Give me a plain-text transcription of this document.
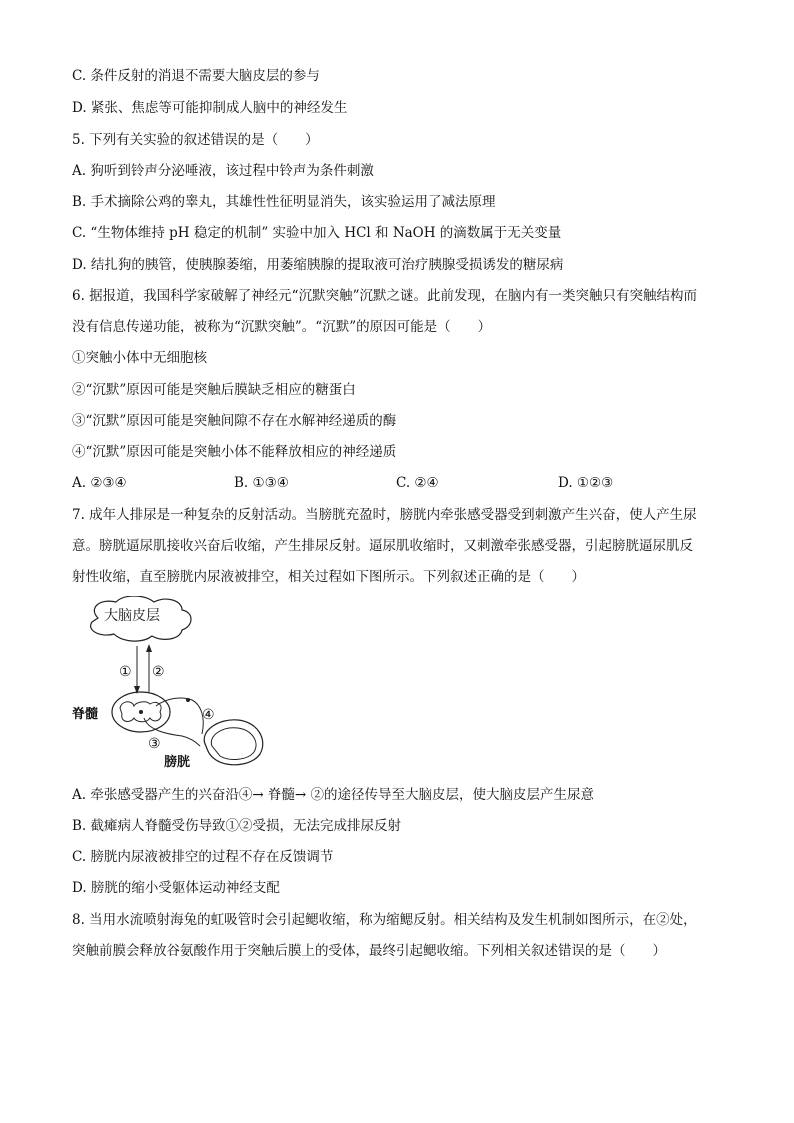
C. 条件反射的消退不需要大脑皮层的参与
D. 紧张、焦虑等可能抑制成人脑中的神经发生
5. 下列有关实验的叙述错误的是（　　）
A. 狗听到铃声分泌唾液，该过程中铃声为条件刺激
B. 手术摘除公鸡的睾丸，其雄性性征明显消失，该实验运用了减法原理
C. “生物体维持 pH 稳定的机制” 实验中加入 HCl 和 NaOH 的滴数属于无关变量
D. 结扎狗的胰管，使胰腺萎缩，用萎缩胰腺的提取液可治疗胰腺受损诱发的糖尿病
6. 据报道，我国科学家破解了神经元“沉默突触”沉默之谜。此前发现，在脑内有一类突触只有突触结构而
没有信息传递功能，被称为“沉默突触”。“沉默”的原因可能是（　　）
①突触小体中无细胞核
②“沉默”原因可能是突触后膜缺乏相应的糖蛋白
③“沉默”原因可能是突触间隙不存在水解神经递质的酶
④“沉默”原因可能是突触小体不能释放相应的神经递质
A. ②③④	B. ①③④	C. ②④	D. ①②③
7. 成年人排尿是一种复杂的反射活动。当膀胱充盈时，膀胱内牵张感受器受到刺激产生兴奋，使人产生尿
意。膀胱逼尿肌接收兴奋后收缩，产生排尿反射。逼尿肌收缩时，又刺激牵张感受器，引起膀胱逼尿肌反
射性收缩，直至膀胱内尿液被排空，相关过程如下图所示。下列叙述正确的是（　　）
大脑皮层
① ②
脊髓	④
③
膀胱
A. 牵张感受器产生的兴奋沿④→ 脊髓→ ②的途径传导至大脑皮层，使大脑皮层产生尿意
B. 截瘫病人脊髓受伤导致①②受损，无法完成排尿反射
C. 膀胱内尿液被排空的过程不存在反馈调节
D. 膀胱的缩小受躯体运动神经支配
8. 当用水流喷射海兔的虹吸管时会引起鳃收缩，称为缩鳃反射。相关结构及发生机制如图所示，在②处，
突触前膜会释放谷氨酸作用于突触后膜上的受体，最终引起鳃收缩。下列相关叙述错误的是（　　）
